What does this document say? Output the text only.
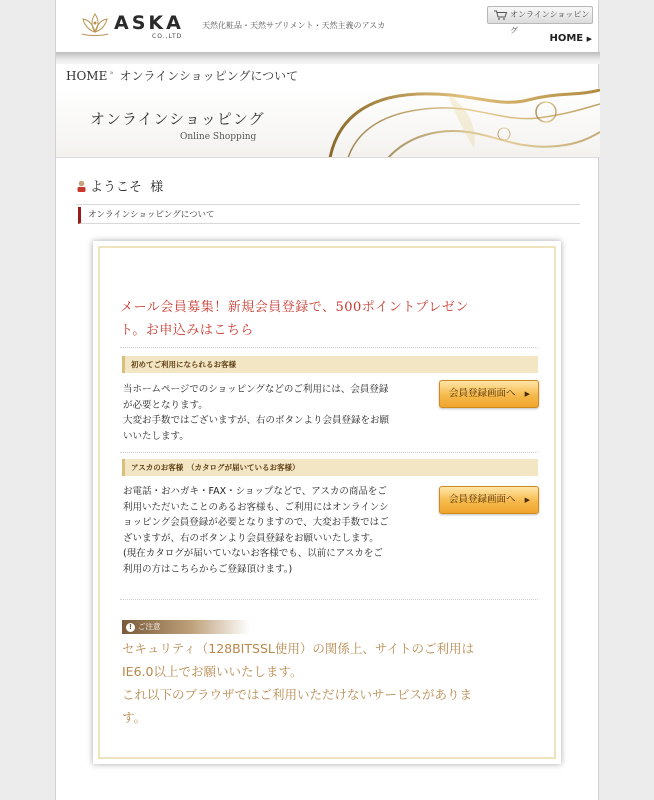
ASKA
CO.,LTD
天然化粧品・天然サプリメント・天然主義のアスカ
オンラインショッピング
HOME ▶
HOME » オンラインショッピングについて
オンラインショッピング
Online Shopping
ようこそ 様
オンラインショッピングについて
メール会員募集！新規会員登録で、500ポイントプレゼン
ト。お申込みはこちら
初めてご利用になられるお客様
当ホームページでのショッピングなどのご利用には、会員登録
が必要となります。
大変お手数ではございますが、右のボタンより会員登録をお願
いいたします。
会員登録画面へ ▶
アスカのお客様　（カタログが届いているお客様）
お電話・おハガキ・FAX・ショップなどで、アスカの商品をご
利用いただいたことのあるお客様も、ご利用にはオンラインシ
ョッピング会員登録が必要となりますので、大変お手数ではご
ざいますが、右のボタンより会員登録をお願いいたします。
(現在カタログが届いていないお客様でも、以前にアスカをご
利用の方はこちらからご登録頂けます。)
会員登録画面へ ▶
! ご注意
セキュリティ（128BITSSL使用）の関係上、サイトのご利用は
IE6.0以上でお願いいたします。
これ以下のブラウザではご利用いただけないサービスがありま
す。
